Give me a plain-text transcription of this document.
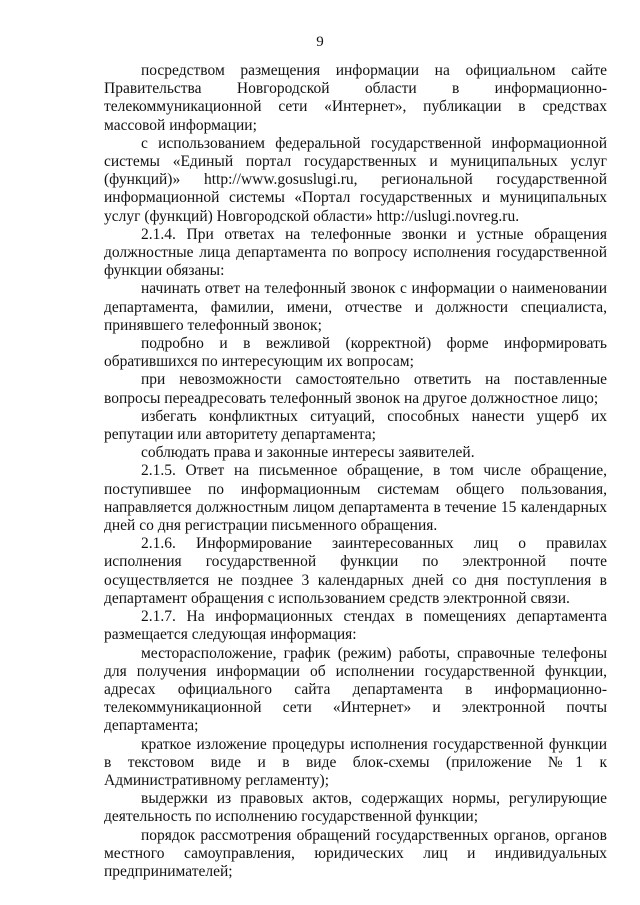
9

посредством размещения информации на официальном сайте Правительства Новгородской области в информационно-телекоммуникационной сети «Интернет», публикации в средствах массовой информации;

с использованием федеральной государственной информационной системы «Единый портал государственных и муниципальных услуг (функций)» http://www.gosuslugi.ru, региональной государственной информационной системы «Портал государственных и муниципальных услуг (функций) Новгородской области» http://uslugi.novreg.ru.

2.1.4. При ответах на телефонные звонки и устные обращения должностные лица департамента по вопросу исполнения государственной функции обязаны:

начинать ответ на телефонный звонок с информации о наименовании департамента, фамилии, имени, отчестве и должности специалиста, принявшего телефонный звонок;

подробно и в вежливой (корректной) форме информировать обратившихся по интересующим их вопросам;

при невозможности самостоятельно ответить на поставленные вопросы переадресовать телефонный звонок на другое должностное лицо;

избегать конфликтных ситуаций, способных нанести ущерб их репутации или авторитету департамента;

соблюдать права и законные интересы заявителей.

2.1.5. Ответ на письменное обращение, в том числе обращение, поступившее по информационным системам общего пользования, направляется должностным лицом департамента в течение 15 календарных дней со дня регистрации письменного обращения.

2.1.6. Информирование заинтересованных лиц о правилах исполнения государственной функции по электронной почте осуществляется не позднее 3 календарных дней со дня поступления в департамент обращения с использованием средств электронной связи.

2.1.7. На информационных стендах в помещениях департамента размещается следующая информация:

месторасположение, график (режим) работы, справочные телефоны для получения информации об исполнении государственной функции, адресах официального сайта департамента в информационно-телекоммуникационной сети «Интернет» и электронной почты департамента;

краткое изложение процедуры исполнения государственной функции в текстовом виде и в виде блок-схемы (приложение №1 к Административному регламенту);

выдержки из правовых актов, содержащих нормы, регулирующие деятельность по исполнению государственной функции;

порядок рассмотрения обращений государственных органов, органов местного самоуправления, юридических лиц и индивидуальных предпринимателей;
